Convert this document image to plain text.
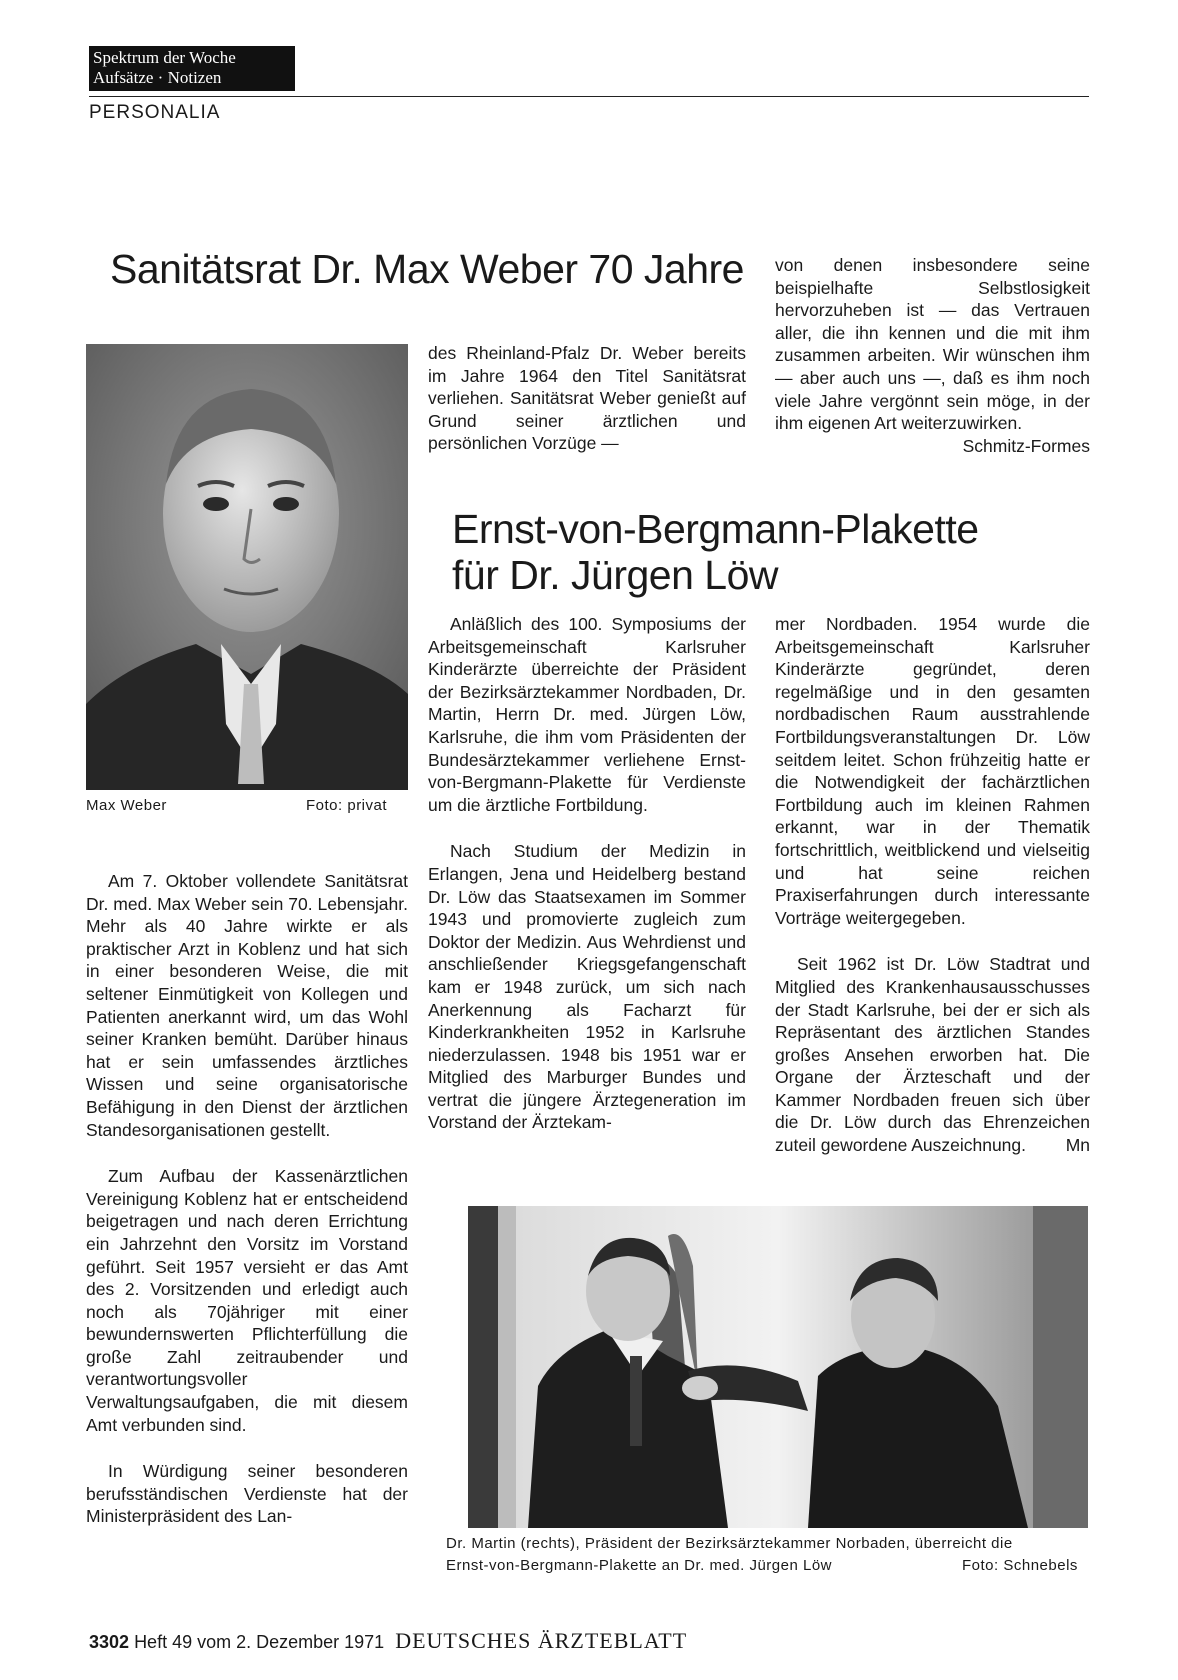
Spektrum der Woche
Aufsätze · Notizen
PERSONALIA
Sanitätsrat Dr. Max Weber 70 Jahre
Max Weber	Foto: privat

Am 7. Oktober vollendete Sanitätsrat Dr. med. Max Weber sein 70. Lebensjahr. Mehr als 40 Jahre wirkte er als praktischer Arzt in Koblenz und hat sich in einer besonderen Weise, die mit seltener Einmütigkeit von Kollegen und Patienten anerkannt wird, um das Wohl seiner Kranken bemüht. Darüber hinaus hat er sein umfassendes ärztliches Wissen und seine organisatorische Befähigung in den Dienst der ärztlichen Standesorganisationen gestellt.

Zum Aufbau der Kassenärztlichen Vereinigung Koblenz hat er entscheidend beigetragen und nach deren Errichtung ein Jahrzehnt den Vorsitz im Vorstand geführt. Seit 1957 versieht er das Amt des 2. Vorsitzenden und erledigt auch noch als 70jähriger mit einer bewundernswerten Pflichterfüllung die große Zahl zeitraubender und verantwortungsvoller Verwaltungsaufgaben, die mit diesem Amt verbunden sind.

In Würdigung seiner besonderen berufsständischen Verdienste hat der Ministerpräsident des Lan-

des Rheinland-Pfalz Dr. Weber bereits im Jahre 1964 den Titel Sanitätsrat verliehen. Sanitätsrat Weber genießt auf Grund seiner ärztlichen und persönlichen Vorzüge —

von denen insbesondere seine beispielhafte Selbstlosigkeit hervorzuheben ist — das Vertrauen aller, die ihn kennen und die mit ihm zusammen arbeiten. Wir wünschen ihm — aber auch uns —, daß es ihm noch viele Jahre vergönnt sein möge, in der ihm eigenen Art weiterzuwirken.
Schmitz-Formes

Ernst-von-Bergmann-Plakette
für Dr. Jürgen Löw

Anläßlich des 100. Symposiums der Arbeitsgemeinschaft Karlsruher Kinderärzte überreichte der Präsident der Bezirksärztekammer Nordbaden, Dr. Martin, Herrn Dr. med. Jürgen Löw, Karlsruhe, die ihm vom Präsidenten der Bundesärztekammer verliehene Ernst-von-Bergmann-Plakette für Verdienste um die ärztliche Fortbildung.

Nach Studium der Medizin in Erlangen, Jena und Heidelberg bestand Dr. Löw das Staatsexamen im Sommer 1943 und promovierte zugleich zum Doktor der Medizin. Aus Wehrdienst und anschließender Kriegsgefangenschaft kam er 1948 zurück, um sich nach Anerkennung als Facharzt für Kinderkrankheiten 1952 in Karlsruhe niederzulassen. 1948 bis 1951 war er Mitglied des Marburger Bundes und vertrat die jüngere Ärztegeneration im Vorstand der Ärztekam-

mer Nordbaden. 1954 wurde die Arbeitsgemeinschaft Karlsruher Kinderärzte gegründet, deren regelmäßige und in den gesamten nordbadischen Raum ausstrahlende Fortbildungsveranstaltungen Dr. Löw seitdem leitet. Schon frühzeitig hatte er die Notwendigkeit der fachärztlichen Fortbildung auch im kleinen Rahmen erkannt, war in der Thematik fortschrittlich, weitblickend und vielseitig und hat seine reichen Praxiserfahrungen durch interessante Vorträge weitergegeben.

Seit 1962 ist Dr. Löw Stadtrat und Mitglied des Krankenhausausschusses der Stadt Karlsruhe, bei der er sich als Repräsentant des ärztlichen Standes großes Ansehen erworben hat. Die Organe der Ärzteschaft und der Kammer Nordbaden freuen sich über die Dr. Löw durch das Ehrenzeichen zuteil gewordene Auszeichnung.	Mn

Dr. Martin (rechts), Präsident der Bezirksärztekammer Norbaden, überreicht die
Ernst-von-Bergmann-Plakette an Dr. med. Jürgen Löw	Foto: Schnebels
3302 Heft 49 vom 2. Dezember 1971 DEUTSCHES ÄRZTEBLATT
